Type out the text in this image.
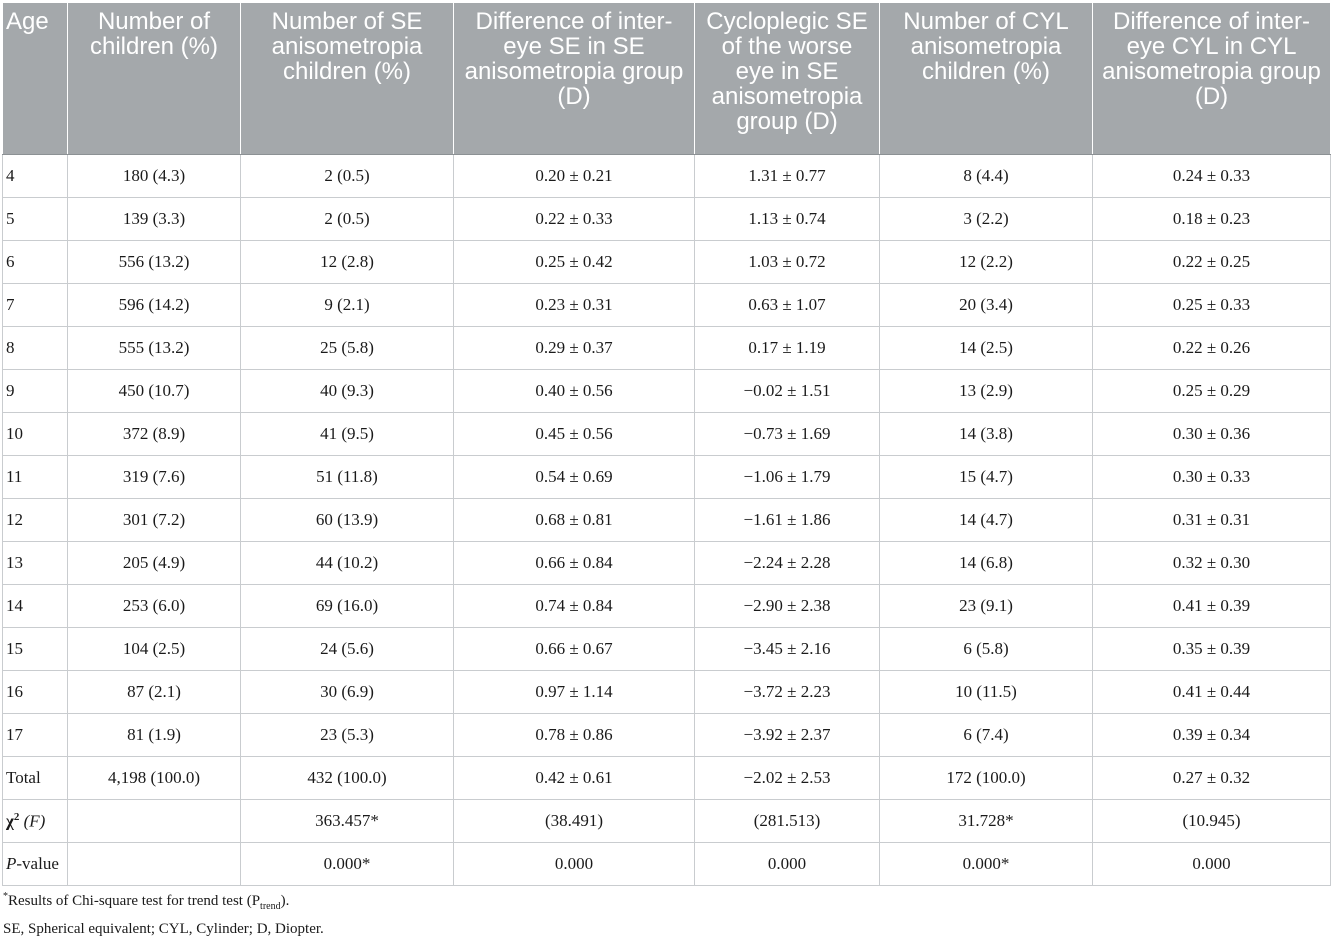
Age	Number of children (%)	Number of SE anisometropia children (%)	Difference of inter-eye SE in SE anisometropia group (D)	Cycloplegic SE of the worse eye in SE anisometropia group (D)	Number of CYL anisometropia children (%)	Difference of inter-eye CYL in CYL anisometropia group (D)
4	180 (4.3)	2 (0.5)	0.20 ± 0.21	1.31 ± 0.77	8 (4.4)	0.24 ± 0.33
5	139 (3.3)	2 (0.5)	0.22 ± 0.33	1.13 ± 0.74	3 (2.2)	0.18 ± 0.23
6	556 (13.2)	12 (2.8)	0.25 ± 0.42	1.03 ± 0.72	12 (2.2)	0.22 ± 0.25
7	596 (14.2)	9 (2.1)	0.23 ± 0.31	0.63 ± 1.07	20 (3.4)	0.25 ± 0.33
8	555 (13.2)	25 (5.8)	0.29 ± 0.37	0.17 ± 1.19	14 (2.5)	0.22 ± 0.26
9	450 (10.7)	40 (9.3)	0.40 ± 0.56	−0.02 ± 1.51	13 (2.9)	0.25 ± 0.29
10	372 (8.9)	41 (9.5)	0.45 ± 0.56	−0.73 ± 1.69	14 (3.8)	0.30 ± 0.36
11	319 (7.6)	51 (11.8)	0.54 ± 0.69	−1.06 ± 1.79	15 (4.7)	0.30 ± 0.33
12	301 (7.2)	60 (13.9)	0.68 ± 0.81	−1.61 ± 1.86	14 (4.7)	0.31 ± 0.31
13	205 (4.9)	44 (10.2)	0.66 ± 0.84	−2.24 ± 2.28	14 (6.8)	0.32 ± 0.30
14	253 (6.0)	69 (16.0)	0.74 ± 0.84	−2.90 ± 2.38	23 (9.1)	0.41 ± 0.39
15	104 (2.5)	24 (5.6)	0.66 ± 0.67	−3.45 ± 2.16	6 (5.8)	0.35 ± 0.39
16	87 (2.1)	30 (6.9)	0.97 ± 1.14	−3.72 ± 2.23	10 (11.5)	0.41 ± 0.44
17	81 (1.9)	23 (5.3)	0.78 ± 0.86	−3.92 ± 2.37	6 (7.4)	0.39 ± 0.34
Total	4,198 (100.0)	432 (100.0)	0.42 ± 0.61	−2.02 ± 2.53	172 (100.0)	0.27 ± 0.32
$\chi^2$ (F)		363.457*	(38.491)	(281.513)	31.728*	(10.945)
P-value		0.000*	0.000	0.000	0.000*	0.000
*Results of Chi-square test for trend test $(P_{trend})$.
SE, Spherical equivalent; CYL, Cylinder; D, Diopter.
